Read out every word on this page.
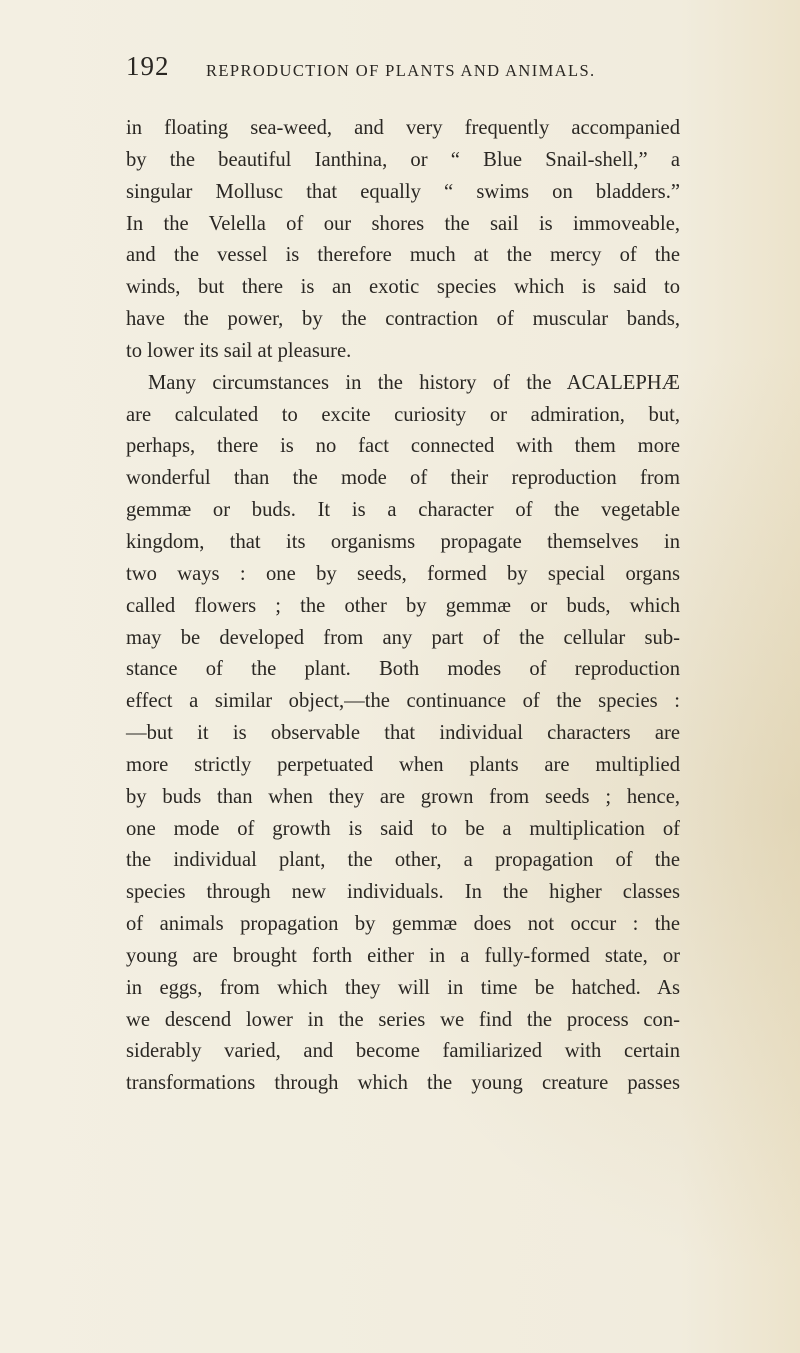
192 REPRODUCTION OF PLANTS AND ANIMALS.
in floating sea-weed, and very frequently accompanied
by the beautiful Ianthina, or “ Blue Snail-shell,” a
singular Mollusc that equally “ swims on bladders.”
In the Velella of our shores the sail is immoveable,
and the vessel is therefore much at the mercy of the
winds, but there is an exotic species which is said to
have the power, by the contraction of muscular bands,
to lower its sail at pleasure.
Many circumstances in the history of the ACALEPHÆ
are calculated to excite curiosity or admiration, but,
perhaps, there is no fact connected with them more
wonderful than the mode of their reproduction from
gemmæ or buds. It is a character of the vegetable
kingdom, that its organisms propagate themselves in
two ways : one by seeds, formed by special organs
called flowers ; the other by gemmæ or buds, which
may be developed from any part of the cellular sub-
stance of the plant. Both modes of reproduction
effect a similar object,—the continuance of the species :
—but it is observable that individual characters are
more strictly perpetuated when plants are multiplied
by buds than when they are grown from seeds ; hence,
one mode of growth is said to be a multiplication of
the individual plant, the other, a propagation of the
species through new individuals. In the higher classes
of animals propagation by gemmæ does not occur : the
young are brought forth either in a fully-formed state, or
in eggs, from which they will in time be hatched. As
we descend lower in the series we find the process con-
siderably varied, and become familiarized with certain
transformations through which the young creature passes
